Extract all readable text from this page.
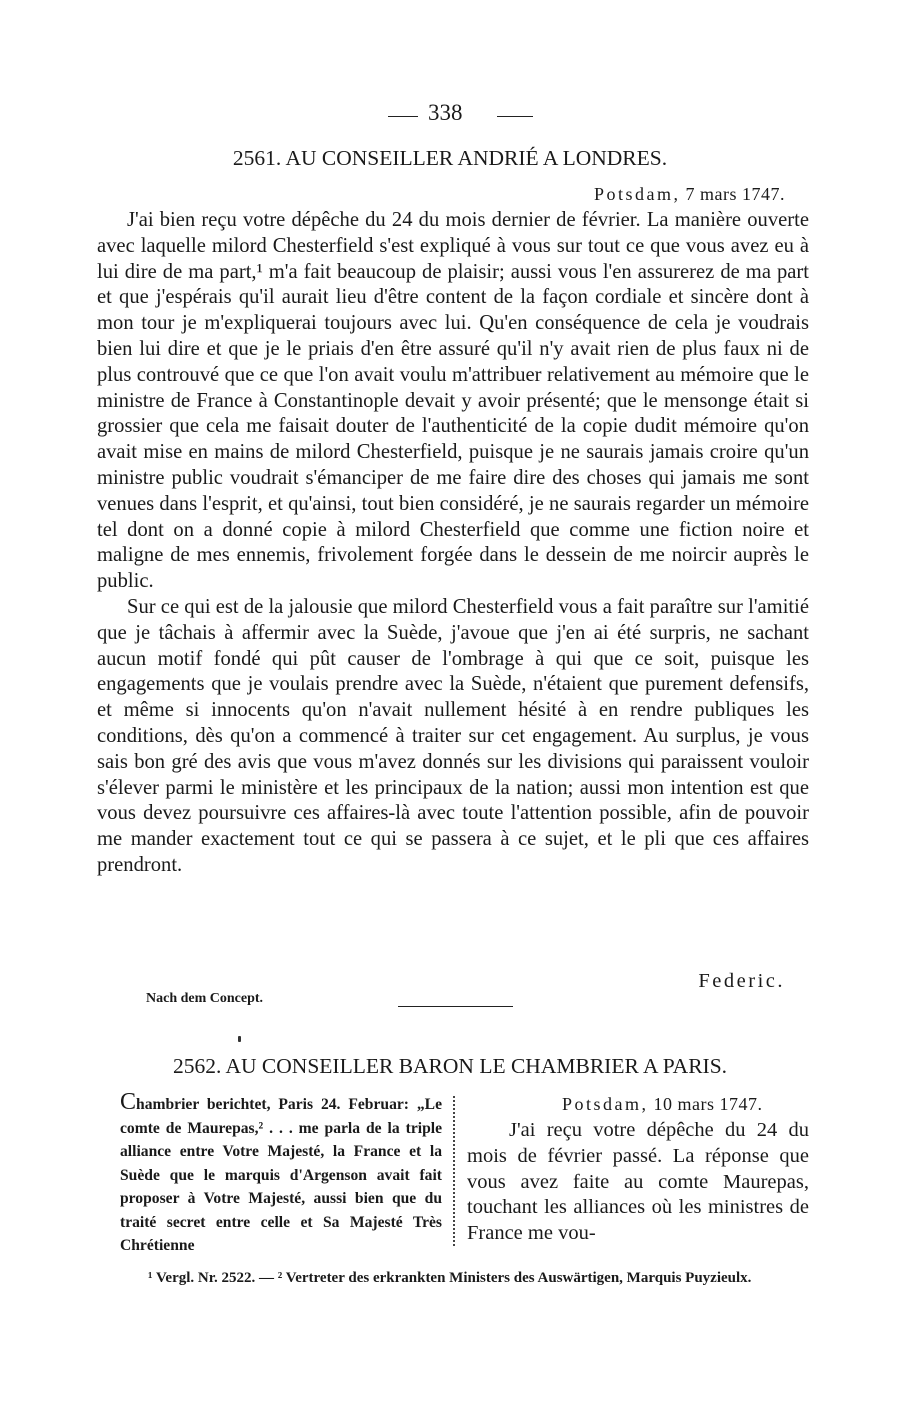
338
2561. AU CONSEILLER ANDRIÉ A LONDRES.
Potsdam, 7 mars 1747.

J'ai bien reçu votre dépêche du 24 du mois dernier de février. La manière ouverte avec laquelle milord Chesterfield s'est expliqué à vous sur tout ce que vous avez eu à lui dire de ma part,¹ m'a fait beaucoup de plaisir; aussi vous l'en assurerez de ma part et que j'espérais qu'il aurait lieu d'être content de la façon cordiale et sincère dont à mon tour je m'expliquerai toujours avec lui. Qu'en conséquence de cela je voudrais bien lui dire et que je le priais d'en être assuré qu'il n'y avait rien de plus faux ni de plus controuvé que ce que l'on avait voulu m'attribuer relativement au mémoire que le ministre de France à Constantinople devait y avoir présenté; que le mensonge était si grossier que cela me faisait douter de l'authenticité de la copie dudit mémoire qu'on avait mise en mains de milord Chesterfield, puisque je ne saurais jamais croire qu'un ministre public voudrait s'émanciper de me faire dire des choses qui jamais me sont venues dans l'esprit, et qu'ainsi, tout bien considéré, je ne saurais regarder un mémoire tel dont on a donné copie à milord Chesterfield que comme une fiction noire et maligne de mes ennemis, frivolement forgée dans le dessein de me noircir auprès le public.

Sur ce qui est de la jalousie que milord Chesterfield vous a fait paraître sur l'amitié que je tâchais à affermir avec la Suède, j'avoue que j'en ai été surpris, ne sachant aucun motif fondé qui pût causer de l'ombrage à qui que ce soit, puisque les engagements que je voulais prendre avec la Suède, n'étaient que purement defensifs, et même si innocents qu'on n'avait nullement hésité à en rendre publiques les conditions, dès qu'on a commencé à traiter sur cet engagement. Au surplus, je vous sais bon gré des avis que vous m'avez donnés sur les divisions qui paraissent vouloir s'élever parmi le ministère et les principaux de la nation; aussi mon intention est que vous devez poursuivre ces affaires-là avec toute l'attention possible, afin de pouvoir me mander exactement tout ce qui se passera à ce sujet, et le pli que ces affaires prendront.

Federic.
Nach dem Concept.
2562. AU CONSEILLER BARON LE CHAMBRIER A PARIS.
Chambrier berichtet, Paris 24. Februar: „Le comte de Maurepas,² . . . me parla de la triple alliance entre Votre Majesté, la France et la Suède que le marquis d'Argenson avait fait proposer à Votre Majesté, aussi bien que du traité secret entre celle et Sa Majesté Très Chrétienne
Potsdam, 10 mars 1747.

J'ai reçu votre dépêche du 24 du mois de février passé. La réponse que vous avez faite au comte Maurepas, touchant les alliances où les ministres de France me vou-

¹ Vergl. Nr. 2522. — ² Vertreter des erkrankten Ministers des Auswärtigen, Marquis Puyzieulx.
